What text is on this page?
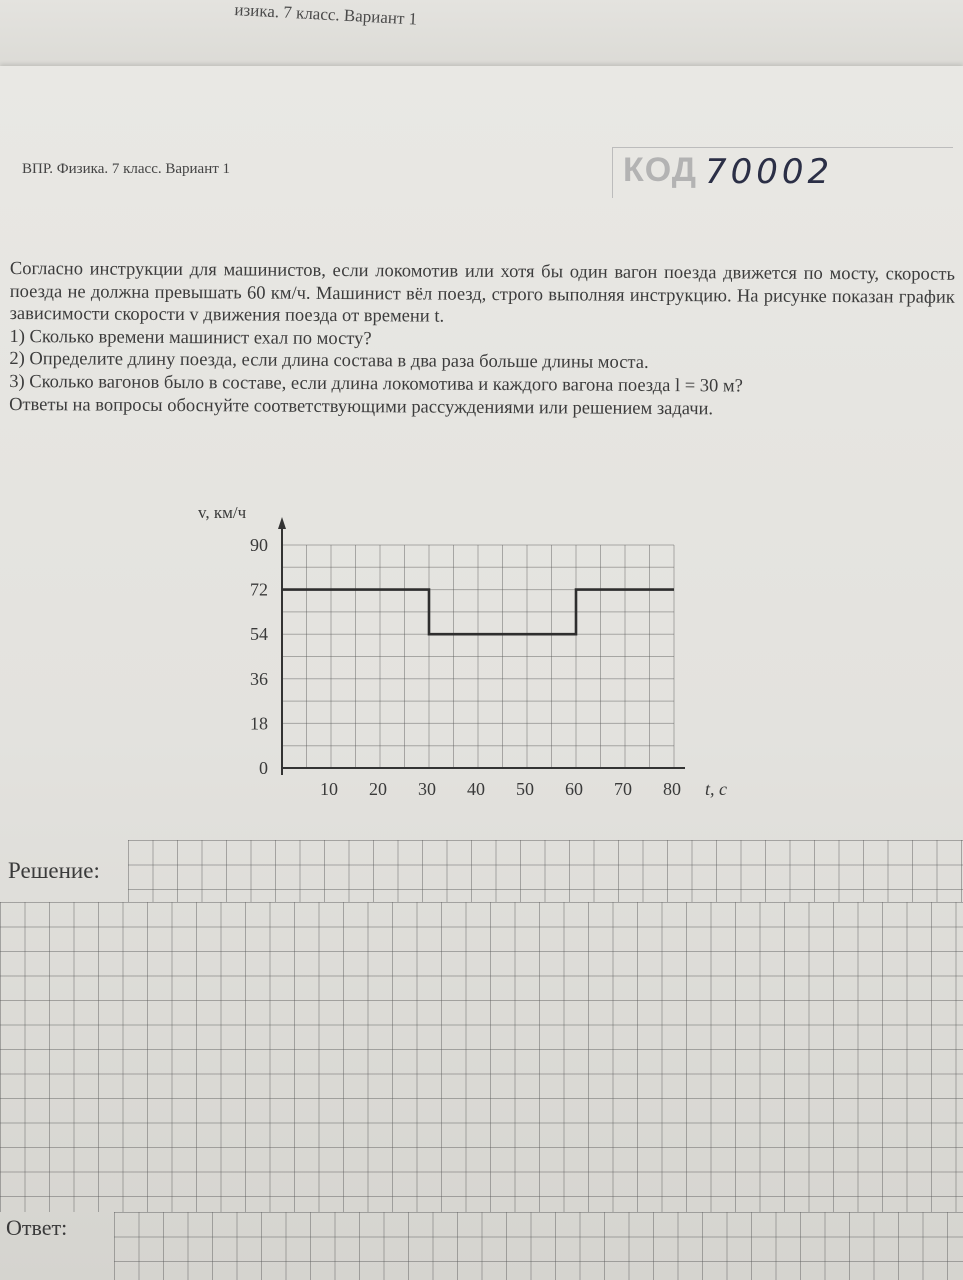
изика. 7 класс. Вариант 1
ВПР. Физика. 7 класс. Вариант 1	КОД 70002

Согласно инструкции для машинистов, если локомотив или хотя бы один вагон поезда движется по мосту, скорость поезда не должна превышать 60 км/ч. Машинист вёл поезд, строго выполняя инструкцию. На рисунке показан график зависимости скорости v движения поезда от времени t.

1) Сколько времени машинист ехал по мосту?
2) Определите длину поезда, если длина состава в два раза больше длины моста.
3) Сколько вагонов было в составе, если длина локомотива и каждого вагона поезда l = 30 м?
Ответы на вопросы обоснуйте соответствующими рассуждениями или решением задачи.
v, км/ч
t, с
0
18
36
54
72
90
10 20 30 40 50 60 70 80
Решение:
Ответ:
